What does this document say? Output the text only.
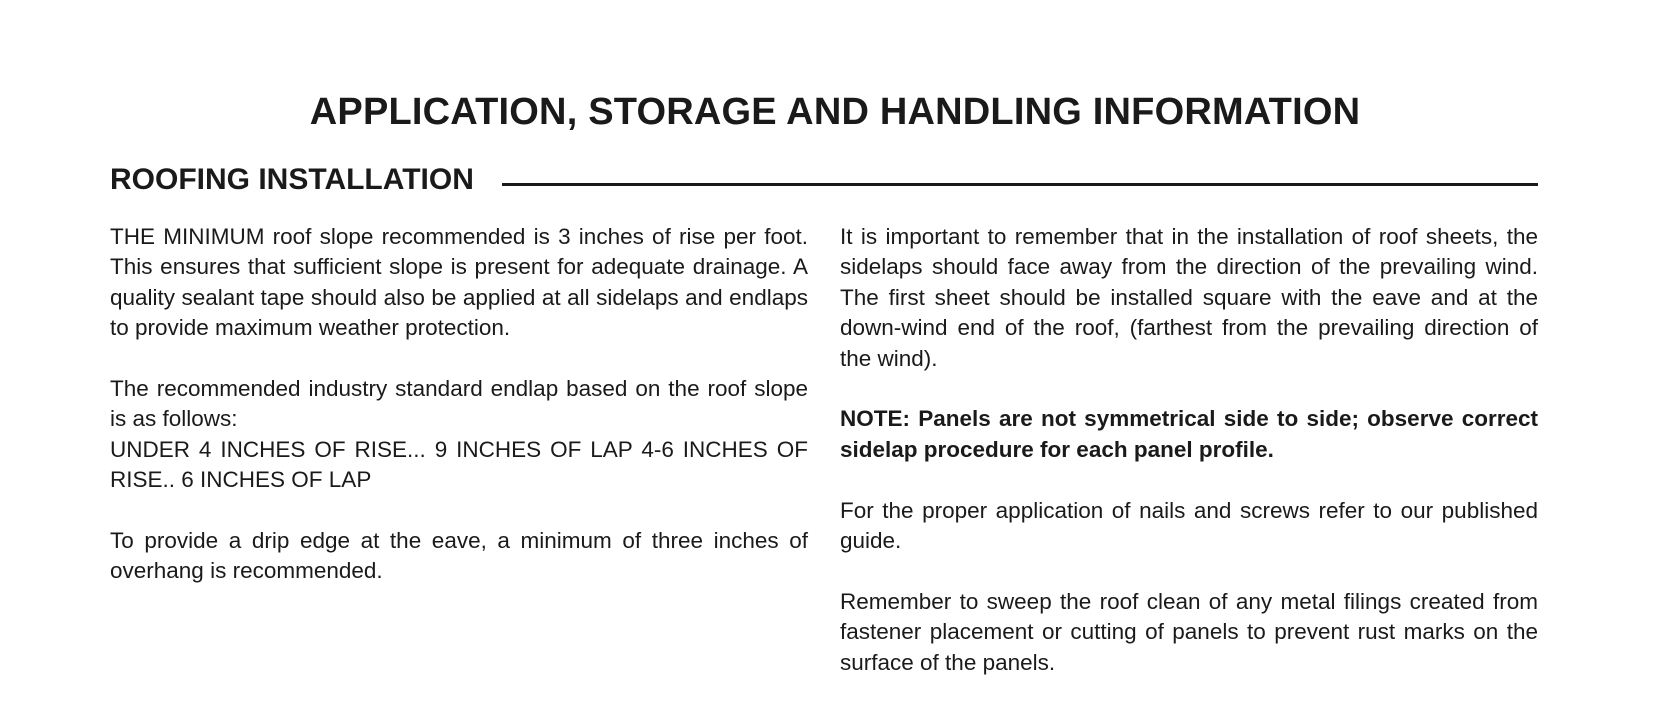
APPLICATION, STORAGE AND HANDLING INFORMATION
ROOFING INSTALLATION

THE MINIMUM roof slope recommended is 3 inches of rise per foot. This ensures that sufficient slope is present for adequate drainage. A quality sealant tape should also be applied at all sidelaps and endlaps to provide maximum weather protection.

The recommended industry standard endlap based on the roof slope is as follows:
UNDER 4 INCHES OF RISE... 9 INCHES OF LAP 4-6 INCHES OF RISE.. 6 INCHES OF LAP

To provide a drip edge at the eave, a minimum of three inches of overhang is recommended.

It is important to remember that in the installation of roof sheets, the sidelaps should face away from the direction of the prevailing wind. The first sheet should be installed square with the eave and at the down-wind end of the roof, (farthest from the prevailing direction of the wind).

NOTE: Panels are not symmetrical side to side; observe correct sidelap procedure for each panel profile.

For the proper application of nails and screws refer to our published guide.

Remember to sweep the roof clean of any metal filings created from fastener placement or cutting of panels to prevent rust marks on the surface of the panels.
